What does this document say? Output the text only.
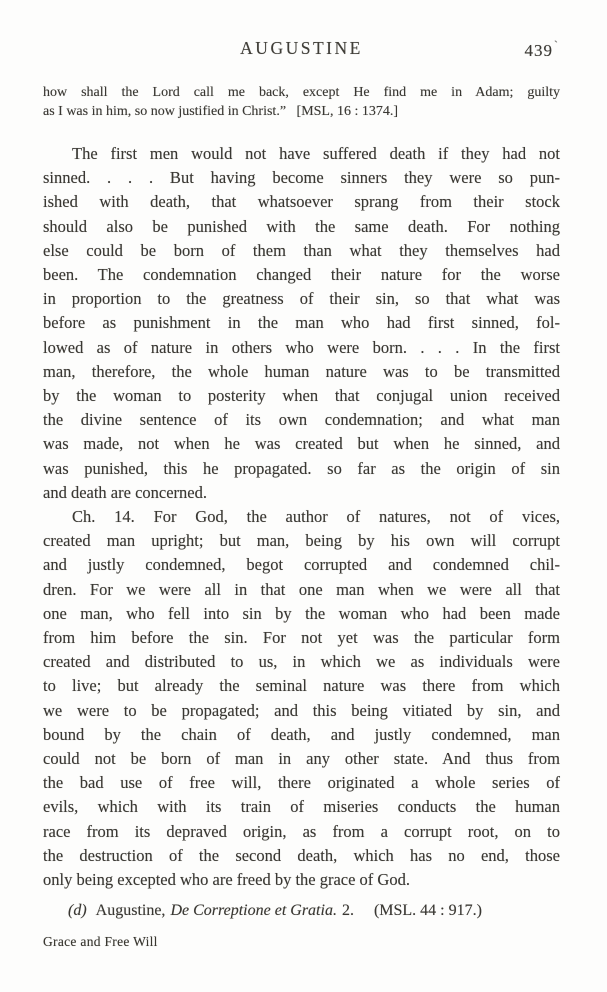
AUGUSTINE	439`
how shall the Lord call me back, except He find me in Adam; guilty
as I was in him, so now justified in Christ.”  [MSL, 16 : 1374.]
The first men would not have suffered death if they had not
sinned. . . . But having become sinners they were so pun-
ished with death, that whatsoever sprang from their stock
should also be punished with the same death. For nothing
else could be born of them than what they themselves had
been. The condemnation changed their nature for the worse
in proportion to the greatness of their sin, so that what was
before as punishment in the man who had first sinned, fol-
lowed as of nature in others who were born. . . . In the first
man, therefore, the whole human nature was to be transmitted
by the woman to posterity when that conjugal union received
the divine sentence of its own condemnation; and what man
was made, not when he was created but when he sinned, and
was punished, this he propagated. so far as the origin of sin
and death are concerned.
Ch. 14. For God, the author of natures, not of vices,
created man upright; but man, being by his own will corrupt
and justly condemned, begot corrupted and condemned chil-
dren. For we were all in that one man when we were all that
one man, who fell into sin by the woman who had been made
from him before the sin. For not yet was the particular form
created and distributed to us, in which we as individuals were
to live; but already the seminal nature was there from which
we were to be propagated; and this being vitiated by sin, and
bound by the chain of death, and justly condemned, man
could not be born of man in any other state. And thus from
the bad use of free will, there originated a whole series of
evils, which with its train of miseries conducts the human
race from its depraved origin, as from a corrupt root, on to
the destruction of the second death, which has no end, those
only being excepted who are freed by the grace of God.
(d) Augustine, De Correptione et Gratia. 2. (MSL. 44 : 917.)
Grace and Free Will
